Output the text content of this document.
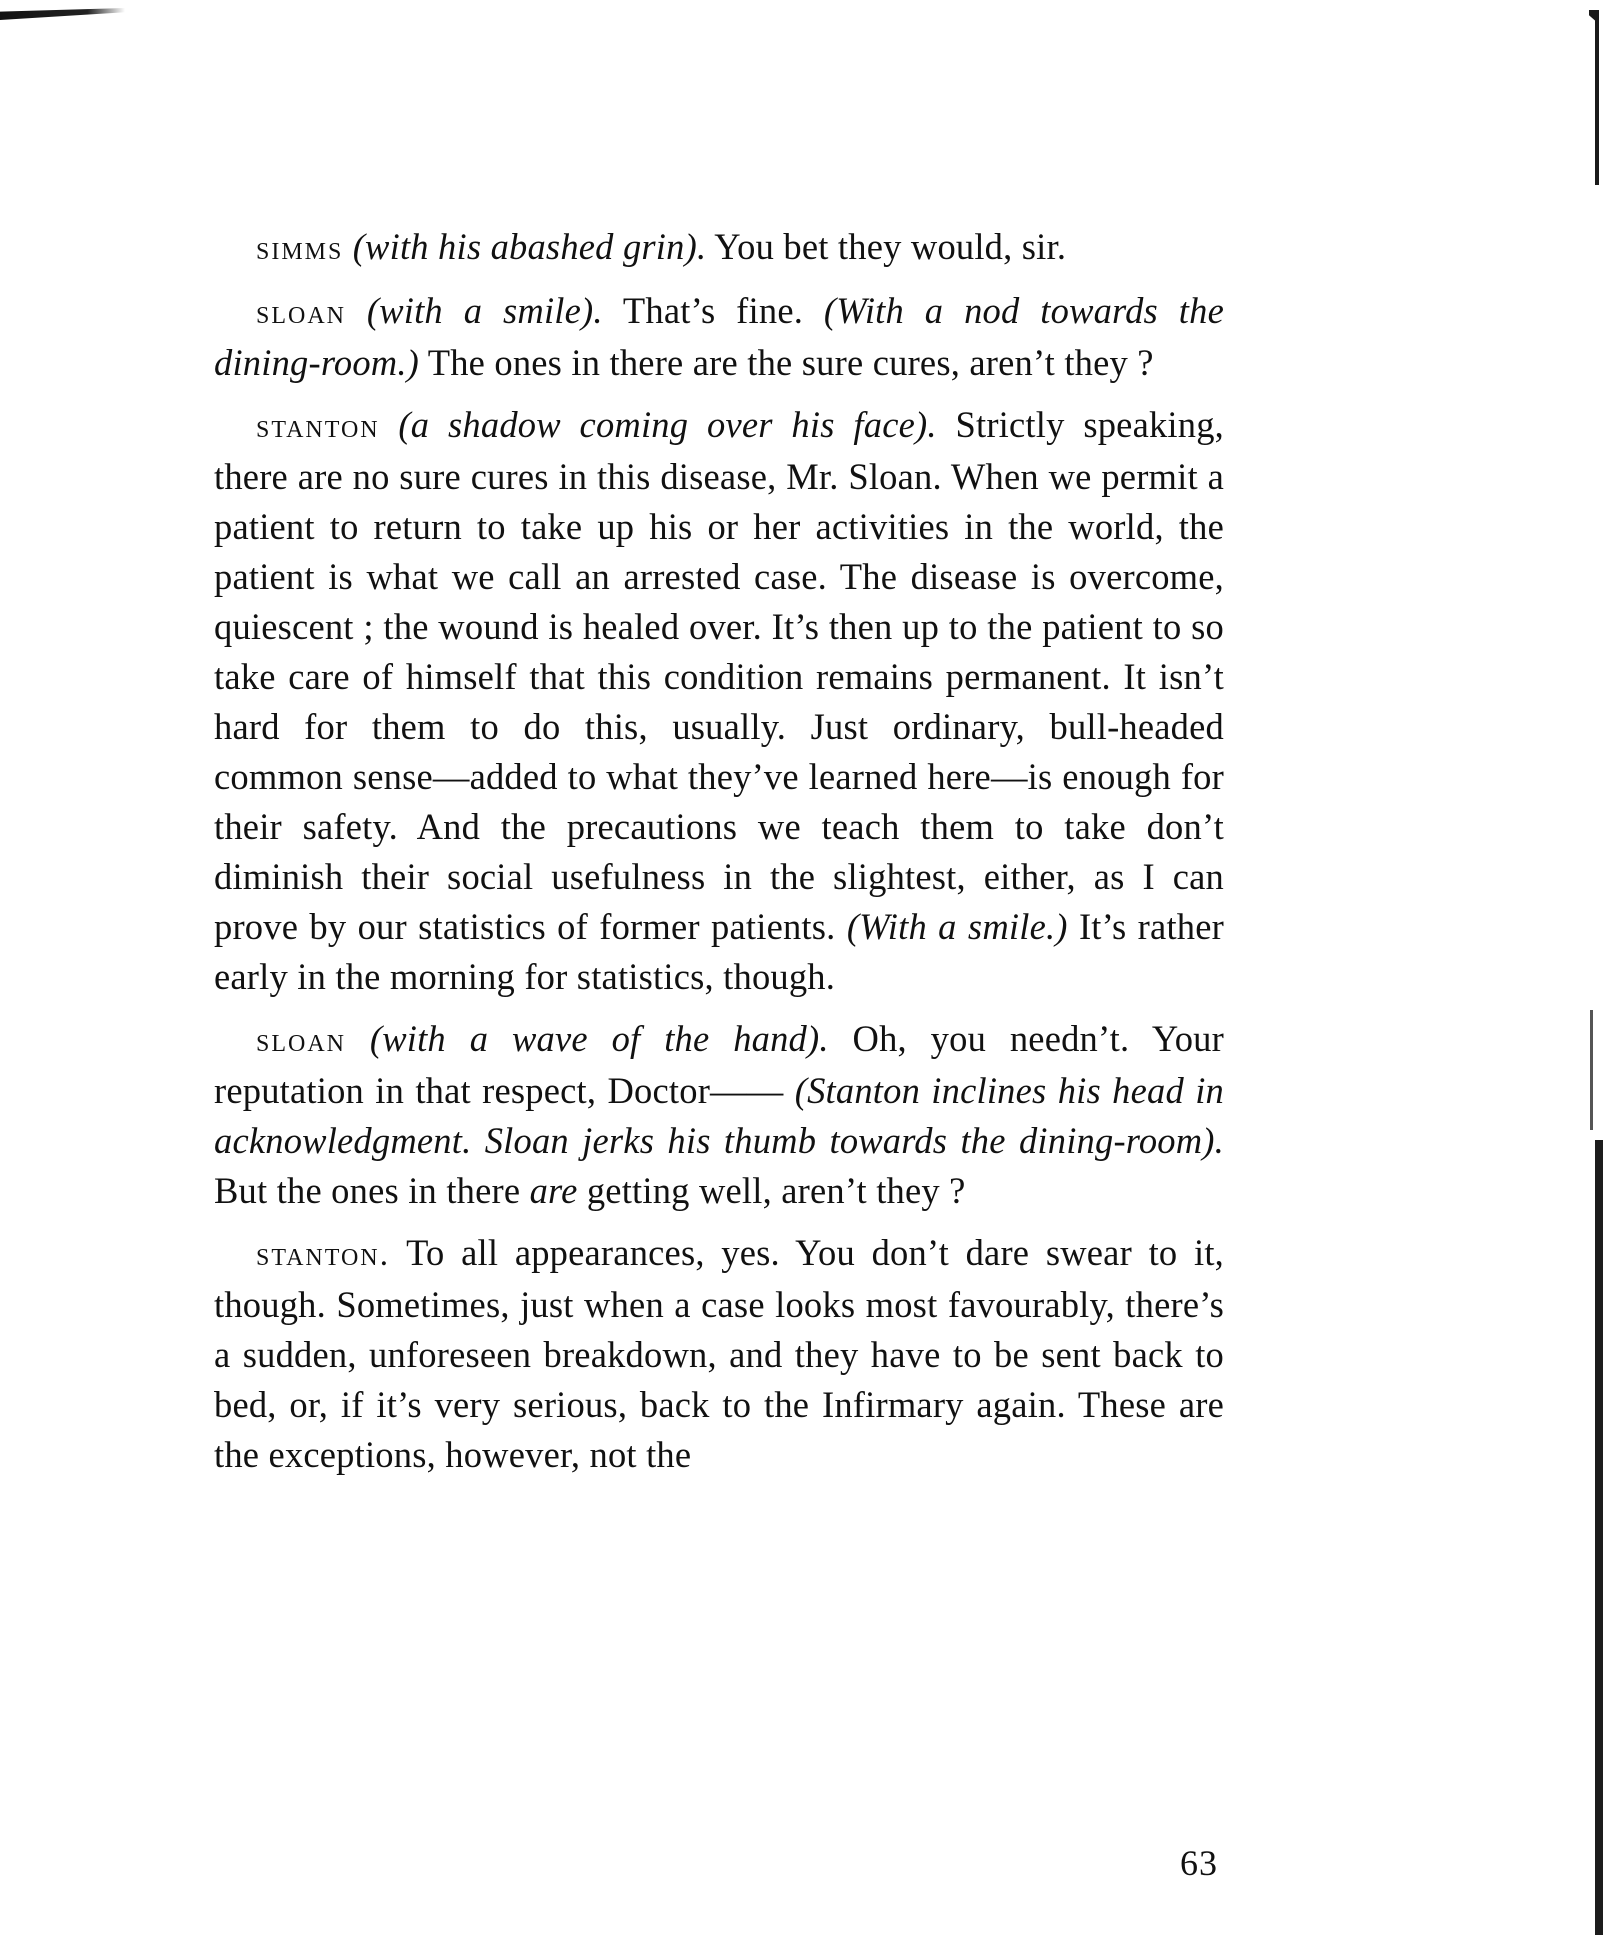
simms (with his abashed grin). You bet they would, sir.

sloan (with a smile). That’s fine. (With a nod towards the dining-room.) The ones in there are the sure cures, aren’t they ?

stanton (a shadow coming over his face). Strictly speaking, there are no sure cures in this disease, Mr. Sloan. When we permit a patient to return to take up his or her activities in the world, the patient is what we call an arrested case. The disease is overcome, quiescent ; the wound is healed over. It’s then up to the patient to so take care of himself that this condition remains permanent. It isn’t hard for them to do this, usually. Just ordinary, bull-headed common sense—added to what they’ve learned here—is enough for their safety. And the precautions we teach them to take don’t diminish their social usefulness in the slightest, either, as I can prove by our statistics of former patients. (With a smile.) It’s rather early in the morning for statistics, though.

sloan (with a wave of the hand). Oh, you needn’t. Your reputation in that respect, Doctor—— (Stanton inclines his head in acknowledgment. Sloan jerks his thumb towards the dining-room). But the ones in there are getting well, aren’t they ?

stanton. To all appearances, yes. You don’t dare swear to it, though. Sometimes, just when a case looks most favourably, there’s a sudden, unforeseen breakdown, and they have to be sent back to bed, or, if it’s very serious, back to the Infirmary again. These are the exceptions, however, not the

63
